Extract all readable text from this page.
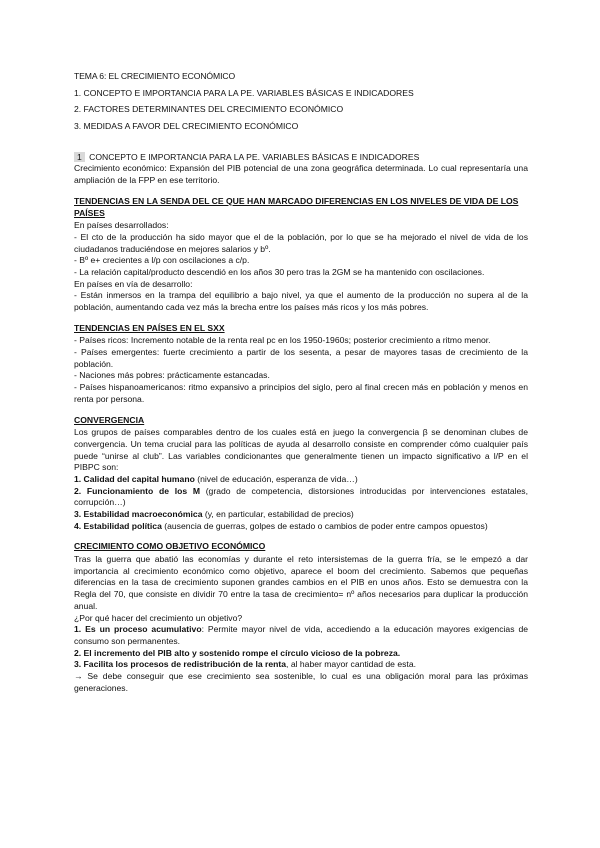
TEMA 6: EL CRECIMIENTO ECONÓMICO
1. CONCEPTO E IMPORTANCIA PARA LA PE. VARIABLES BÁSICAS E INDICADORES
2. FACTORES DETERMINANTES DEL CRECIMIENTO ECONÓMICO
3. MEDIDAS A FAVOR DEL CRECIMIENTO ECONÓMICO
1 CONCEPTO E IMPORTANCIA PARA LA PE. VARIABLES BÁSICAS E INDICADORES

Crecimiento económico: Expansión del PIB potencial de una zona geográfica determinada. Lo cual representaría una ampliación de la FPP en ese territorio.

TENDENCIAS EN LA SENDA DEL CE QUE HAN MARCADO DIFERENCIAS EN LOS NIVELES DE VIDA DE LOS PAÍSES

En países desarrollados:

- El cto de la producción ha sido mayor que el de la población, por lo que se ha mejorado el nivel de vida de los ciudadanos traduciéndose en mejores salarios y bº.

- Bº e+ crecientes a l/p con oscilaciones a c/p.

- La relación capital/producto descendió en los años 30 pero tras la 2GM se ha mantenido con oscilaciones.

En países en vía de desarrollo:

- Están inmersos en la trampa del equilibrio a bajo nivel, ya que el aumento de la producción no supera al de la población, aumentando cada vez más la brecha entre los países más ricos y los más pobres.

TENDENCIAS EN PAÍSES EN EL SXX

- Países ricos: Incremento notable de la renta real pc en los 1950-1960s; posterior crecimiento a ritmo menor.

- Países emergentes: fuerte crecimiento a partir de los sesenta, a pesar de mayores tasas de crecimiento de la población.

- Naciones más pobres: prácticamente estancadas.

- Países hispanoamericanos: ritmo expansivo a principios del siglo, pero al final crecen más en población y menos en renta por persona.

CONVERGENCIA

Los grupos de países comparables dentro de los cuales está en juego la convergencia β se denominan clubes de convergencia. Un tema crucial para las políticas de ayuda al desarrollo consiste en comprender cómo cualquier país puede “unirse al club”. Las variables condicionantes que generalmente tienen un impacto significativo a l/P en el PIBPC son:

1. Calidad del capital humano (nivel de educación, esperanza de vida…)

2. Funcionamiento de los M (grado de competencia, distorsiones introducidas por intervenciones estatales, corrupción…)

3. Estabilidad macroeconómica (y, en particular, estabilidad de precios)

4. Estabilidad política (ausencia de guerras, golpes de estado o cambios de poder entre campos opuestos)

CRECIMIENTO COMO OBJETIVO ECONÓMICO

Tras la guerra que abatió las economías y durante el reto intersistemas de la guerra fría, se le empezó a dar importancia al crecimiento económico como objetivo, aparece el boom del crecimiento. Sabemos que pequeñas diferencias en la tasa de crecimiento suponen grandes cambios en el PIB en unos años. Esto se demuestra con la Regla del 70, que consiste en dividir 70 entre la tasa de crecimiento= nº años necesarios para duplicar la producción anual.

¿Por qué hacer del crecimiento un objetivo?

1. Es un proceso acumulativo: Permite mayor nivel de vida, accediendo a la educación mayores exigencias de consumo son permanentes.

2. El incremento del PIB alto y sostenido rompe el círculo vicioso de la pobreza.

3. Facilita los procesos de redistribución de la renta, al haber mayor cantidad de esta.

→ Se debe conseguir que ese crecimiento sea sostenible, lo cual es una obligación moral para las próximas generaciones.
